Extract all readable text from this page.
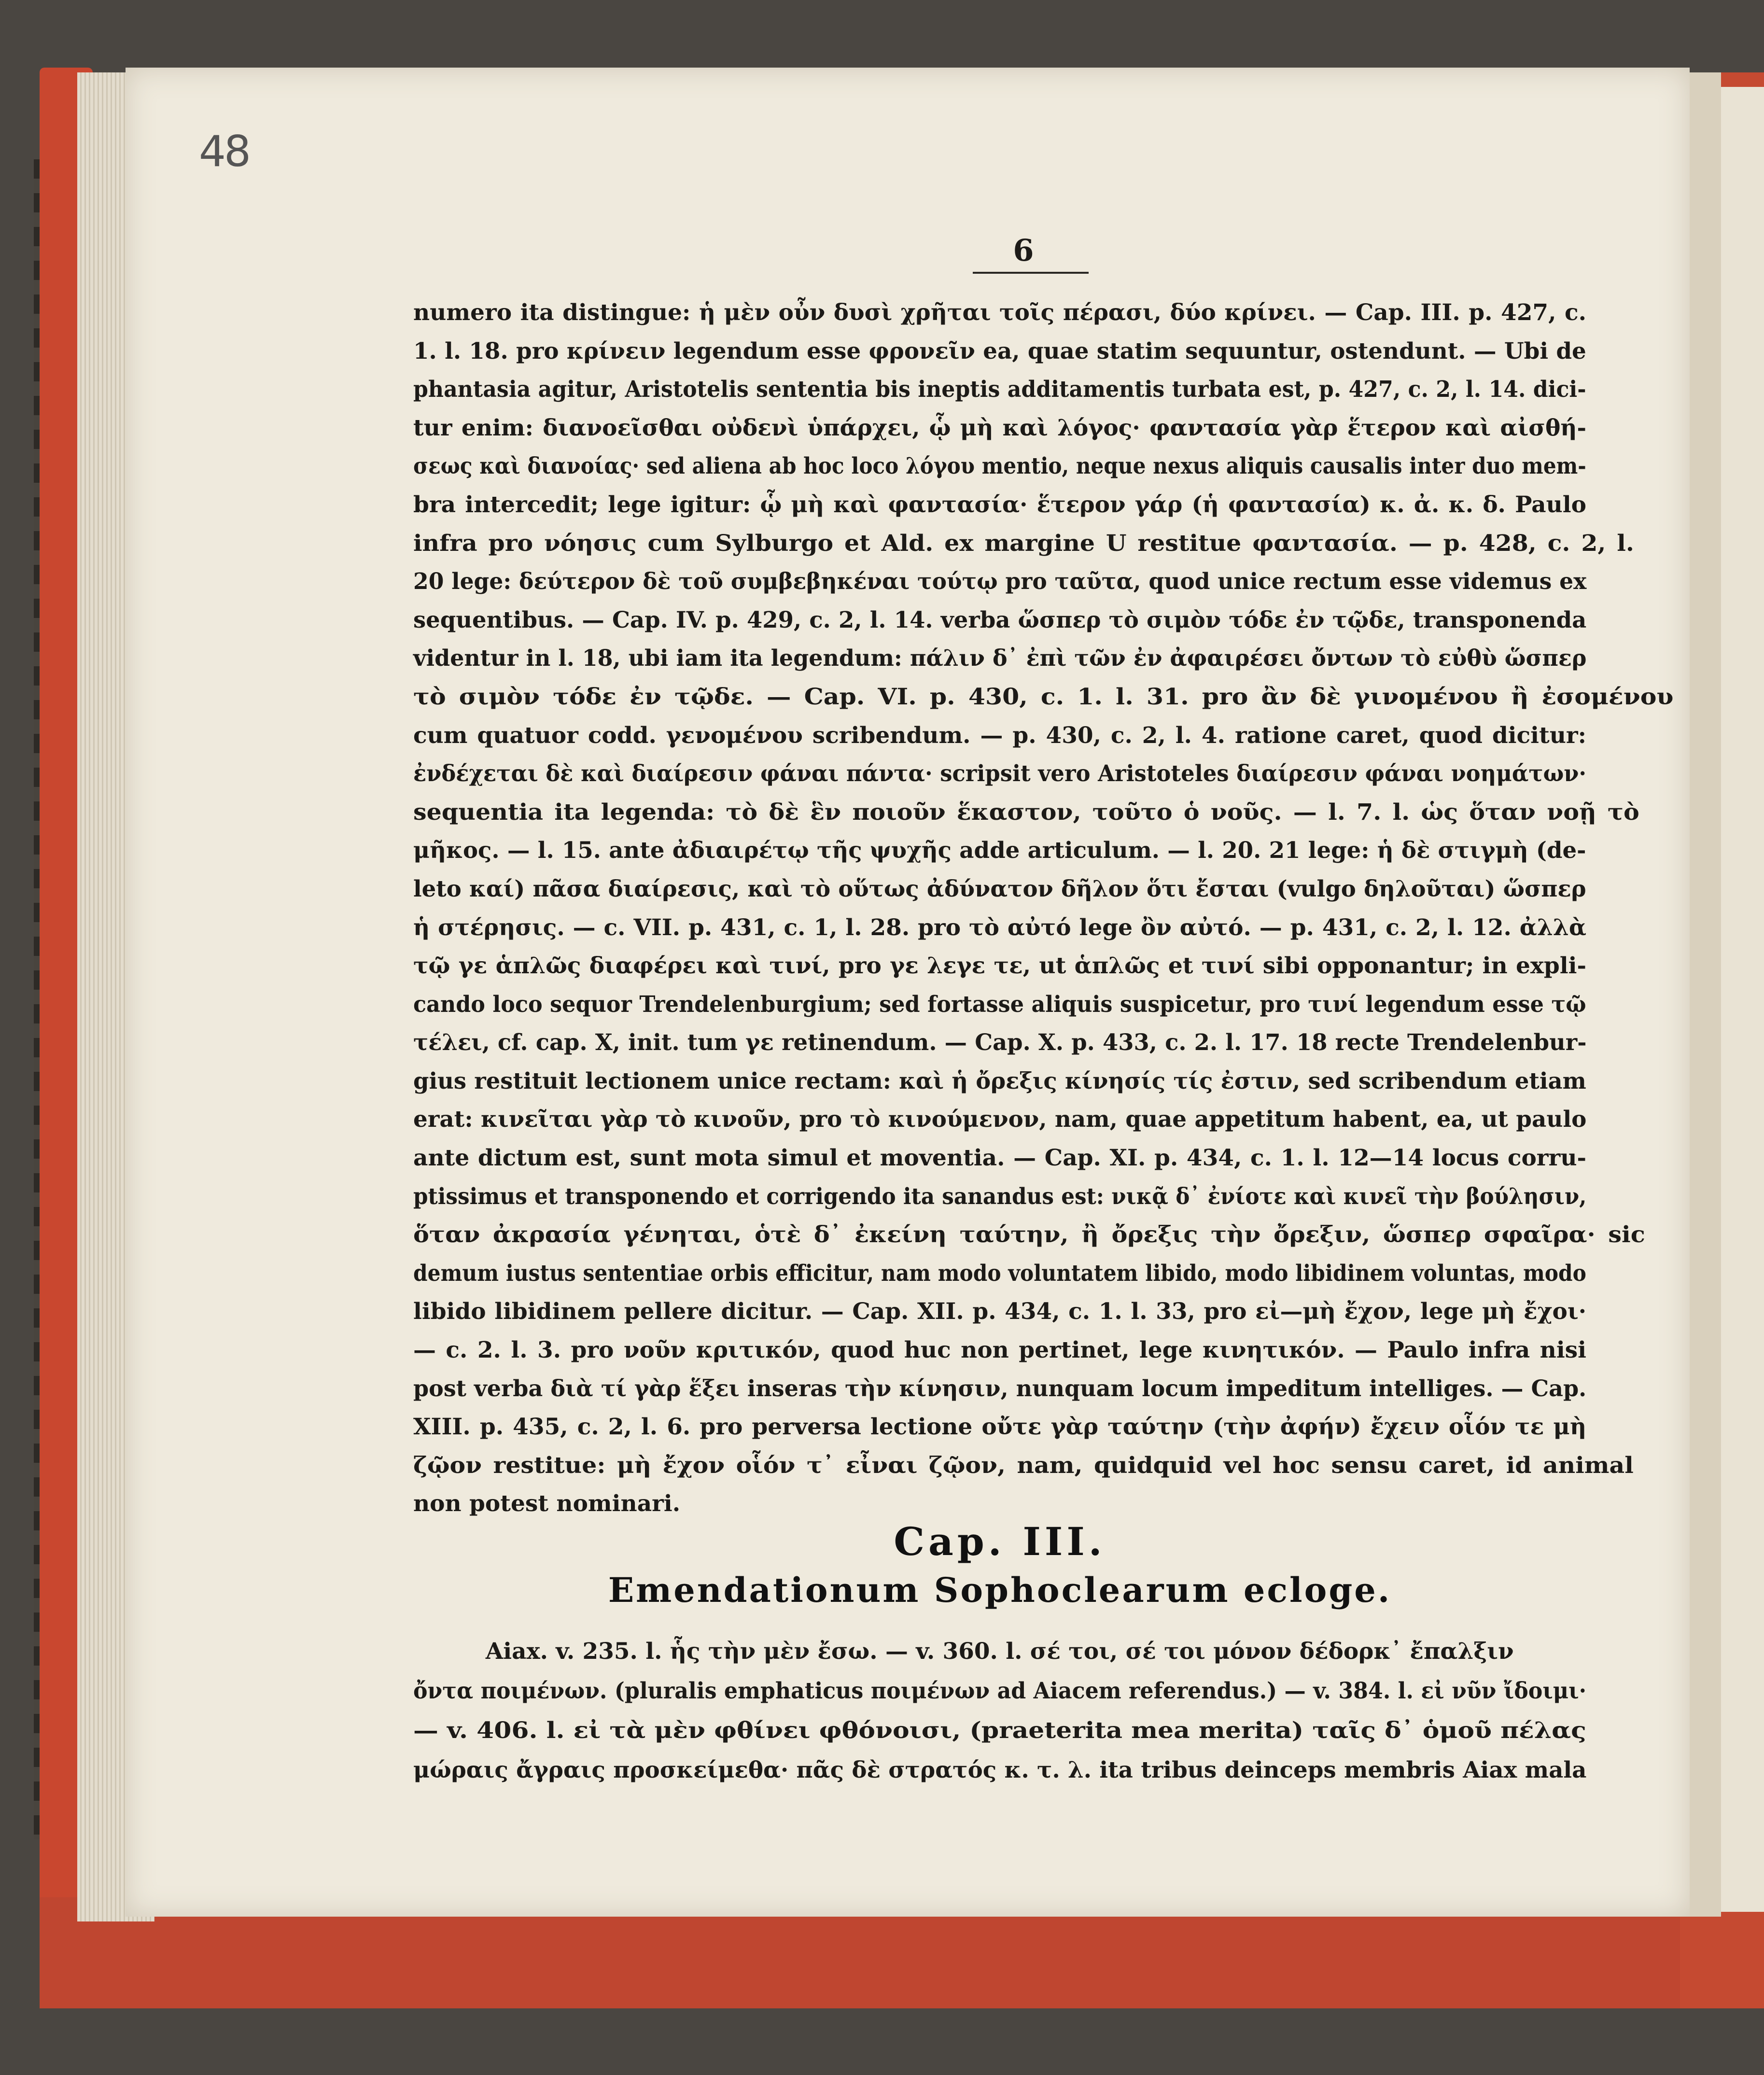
48
6
numero ita distingue: ἡ μὲν οὖν δυσὶ χρῆται τοῖς πέρασι, δύο κρίνει. — Cap. III. p. 427, c.
1. l. 18. pro κρίνειν legendum esse φρονεῖν ea, quae statim sequuntur, ostendunt. — Ubi de
phantasia agitur, Aristotelis sententia bis ineptis additamentis turbata est, p. 427, c. 2, l. 14. dici-
tur enim: διανοεῖσθαι οὐδενὶ ὑπάρχει, ᾧ μὴ καὶ λόγος· φαντασία γὰρ ἕτερον καὶ αἰσθή-
σεως καὶ διανοίας· sed aliena ab hoc loco λόγου mentio, neque nexus aliquis causalis inter duo mem-
bra intercedit; lege igitur: ᾧ μὴ καὶ φαντασία· ἕτερον γάρ (ἡ φαντασία) κ. ἀ. κ. δ. Paulo
infra pro νόησις cum Sylburgo et Ald. ex margine U restitue φαντασία. — p. 428, c. 2, l.
20 lege: δεύτερον δὲ τοῦ συμβεβηκέναι τούτῳ pro ταῦτα, quod unice rectum esse videmus ex
sequentibus. — Cap. IV. p. 429, c. 2, l. 14. verba ὥσπερ τὸ σιμὸν τόδε ἐν τῷδε, transponenda
videntur in l. 18, ubi iam ita legendum: πάλιν δ᾽ ἐπὶ τῶν ἐν ἀφαιρέσει ὄντων τὸ εὐθὺ ὥσπερ
τὸ σιμὸν τόδε ἐν τῷδε. — Cap. VI. p. 430, c. 1. l. 31. pro ἂν δὲ γινομένου ἢ ἐσομένου
cum quatuor codd. γενομένου scribendum. — p. 430, c. 2, l. 4. ratione caret, quod dicitur:
ἐνδέχεται δὲ καὶ διαίρεσιν φάναι πάντα· scripsit vero Aristoteles διαίρεσιν φάναι νοημάτων·
sequentia ita legenda: τὸ δὲ ἓν ποιοῦν ἕκαστον, τοῦτο ὁ νοῦς. — l. 7. l. ὡς ὅταν νοῇ τὸ
μῆκος. — l. 15. ante ἀδιαιρέτῳ τῆς ψυχῆς adde articulum. — l. 20. 21 lege: ἡ δὲ στιγμὴ (de-
leto καί) πᾶσα διαίρεσις, καὶ τὸ οὕτως ἀδύνατον δῆλον ὅτι ἔσται (vulgo δηλοῦται) ὥσπερ
ἡ στέρησις. — c. VII. p. 431, c. 1, l. 28. pro τὸ αὐτό lege ὂν αὐτό. — p. 431, c. 2, l. 12. ἀλλὰ
τῷ γε ἁπλῶς διαφέρει καὶ τινί, pro γε λεγε τε, ut ἁπλῶς et τινί sibi opponantur; in expli-
cando loco sequor Trendelenburgium; sed fortasse aliquis suspicetur, pro τινί legendum esse τῷ
τέλει, cf. cap. X, init. tum γε retinendum. — Cap. X. p. 433, c. 2. l. 17. 18 recte Trendelenbur-
gius restituit lectionem unice rectam: καὶ ἡ ὄρεξις κίνησίς τίς ἐστιν, sed scribendum etiam
erat: κινεῖται γὰρ τὸ κινοῦν, pro τὸ κινούμενον, nam, quae appetitum habent, ea, ut paulo
ante dictum est, sunt mota simul et moventia. — Cap. XI. p. 434, c. 1. l. 12—14 locus corru-
ptissimus et transponendo et corrigendo ita sanandus est: νικᾷ δ᾽ ἐνίοτε καὶ κινεῖ τὴν βούλησιν,
ὅταν ἀκρασία γένηται, ὁτὲ δ᾽ ἐκείνη ταύτην, ἢ ὄρεξις τὴν ὄρεξιν, ὥσπερ σφαῖρα· sic
demum iustus sententiae orbis efficitur, nam modo voluntatem libido, modo libidinem voluntas, modo
libido libidinem pellere dicitur. — Cap. XII. p. 434, c. 1. l. 33, pro εἰ—μὴ ἔχον, lege μὴ ἔχοι·
— c. 2. l. 3. pro νοῦν κριτικόν, quod huc non pertinet, lege κινητικόν. — Paulo infra nisi
post verba διὰ τί γὰρ ἕξει inseras τὴν κίνησιν, nunquam locum impeditum intelliges. — Cap.
XIII. p. 435, c. 2, l. 6. pro perversa lectione οὔτε γὰρ ταύτην (τὴν ἀφήν) ἔχειν οἷόν τε μὴ
ζῷον restitue: μὴ ἔχον οἷόν τ᾽ εἶναι ζῷον, nam, quidquid vel hoc sensu caret, id animal
non potest nominari.
Cap. III.
Emendationum Sophoclearum ecloge.
Aiax. v. 235. l. ἧς τὴν μὲν ἔσω. — v. 360. l. σέ τοι, σέ τοι μόνον δέδορκ᾽ ἔπαλξιν
ὄντα ποιμένων. (pluralis emphaticus ποιμένων ad Aiacem referendus.) — v. 384. l. εἰ νῦν ἴδοιμι·
— v. 406. l. εἰ τὰ μὲν φθίνει φθόνοισι, (praeterita mea merita) ταῖς δ᾽ ὁμοῦ πέλας
μώραις ἄγραις προσκείμεθα· πᾶς δὲ στρατός κ. τ. λ. ita tribus deinceps membris Aiax mala
